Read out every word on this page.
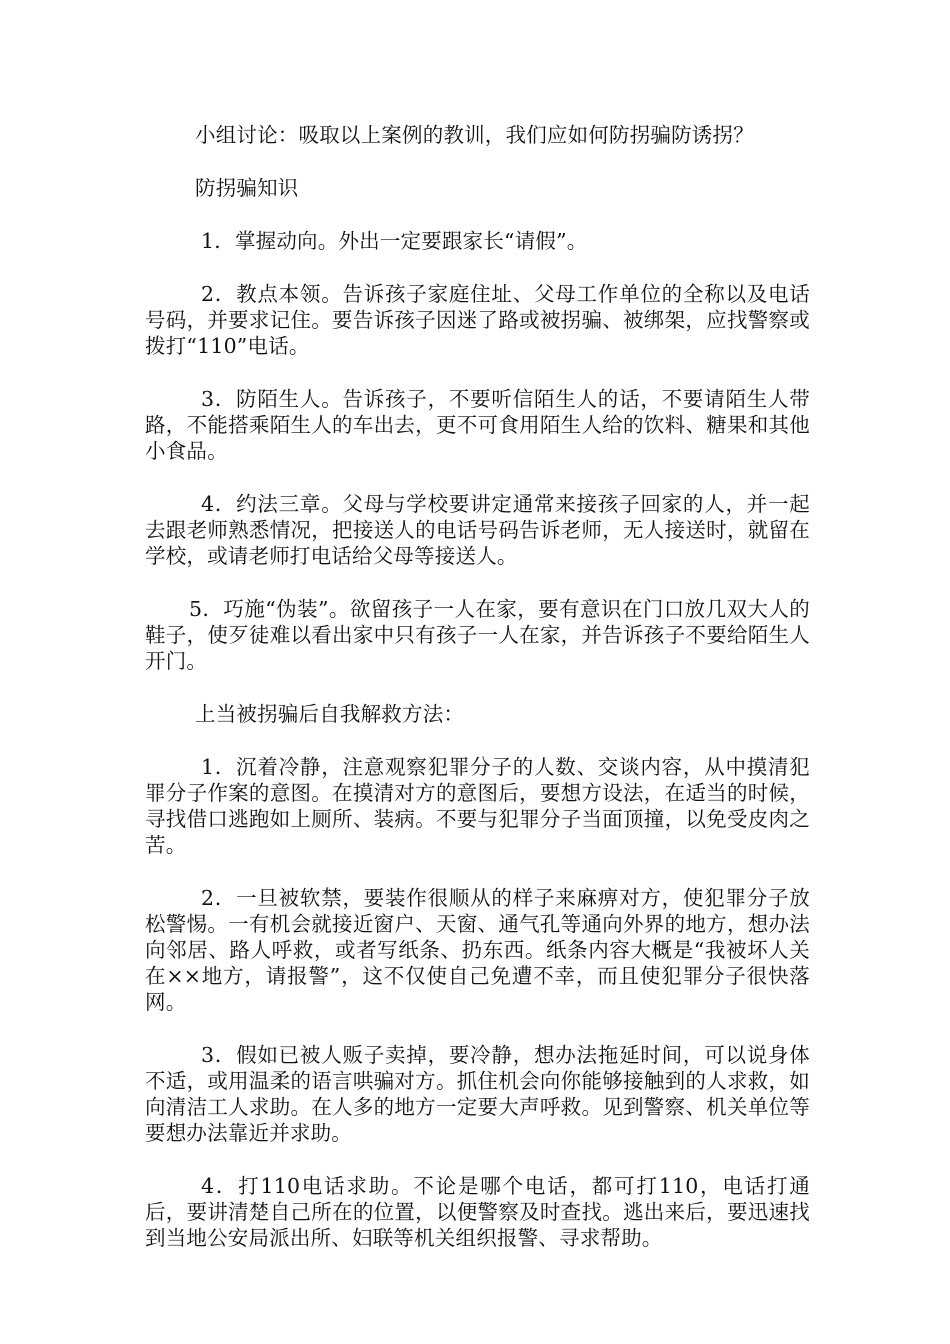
小组讨论：吸取以上案例的教训，我们应如何防拐骗防诱拐？

防拐骗知识

1．掌握动向。外出一定要跟家长“请假”。

2．教点本领。告诉孩子家庭住址、父母工作单位的全称以及电话号码，并要求记住。要告诉孩子因迷了路或被拐骗、被绑架，应找警察或拨打“110”电话。

3．防陌生人。告诉孩子，不要听信陌生人的话，不要请陌生人带路，不能搭乘陌生人的车出去，更不可食用陌生人给的饮料、糖果和其他小食品。

4．约法三章。父母与学校要讲定通常来接孩子回家的人，并一起去跟老师熟悉情况，把接送人的电话号码告诉老师，无人接送时，就留在学校，或请老师打电话给父母等接送人。

5．巧施“伪装”。欲留孩子一人在家，要有意识在门口放几双大人的鞋子，使歹徒难以看出家中只有孩子一人在家，并告诉孩子不要给陌生人开门。

上当被拐骗后自我解救方法：

1．沉着冷静，注意观察犯罪分子的人数、交谈内容，从中摸清犯罪分子作案的意图。在摸清对方的意图后，要想方设法，在适当的时候，寻找借口逃跑如上厕所、装病。不要与犯罪分子当面顶撞，以免受皮肉之苦。

2．一旦被软禁，要装作很顺从的样子来麻痹对方，使犯罪分子放松警惕。一有机会就接近窗户、天窗、通气孔等通向外界的地方，想办法向邻居、路人呼救，或者写纸条、扔东西。纸条内容大概是“我被坏人关在××地方，请报警”，这不仅使自己免遭不幸，而且使犯罪分子很快落网。

3．假如已被人贩子卖掉，要冷静，想办法拖延时间，可以说身体不适，或用温柔的语言哄骗对方。抓住机会向你能够接触到的人求救，如向清洁工人求助。在人多的地方一定要大声呼救。见到警察、机关单位等要想办法靠近并求助。

4．打110电话求助。不论是哪个电话，都可打110，电话打通后，要讲清楚自己所在的位置，以便警察及时查找。逃出来后，要迅速找到当地公安局派出所、妇联等机关组织报警、寻求帮助。
